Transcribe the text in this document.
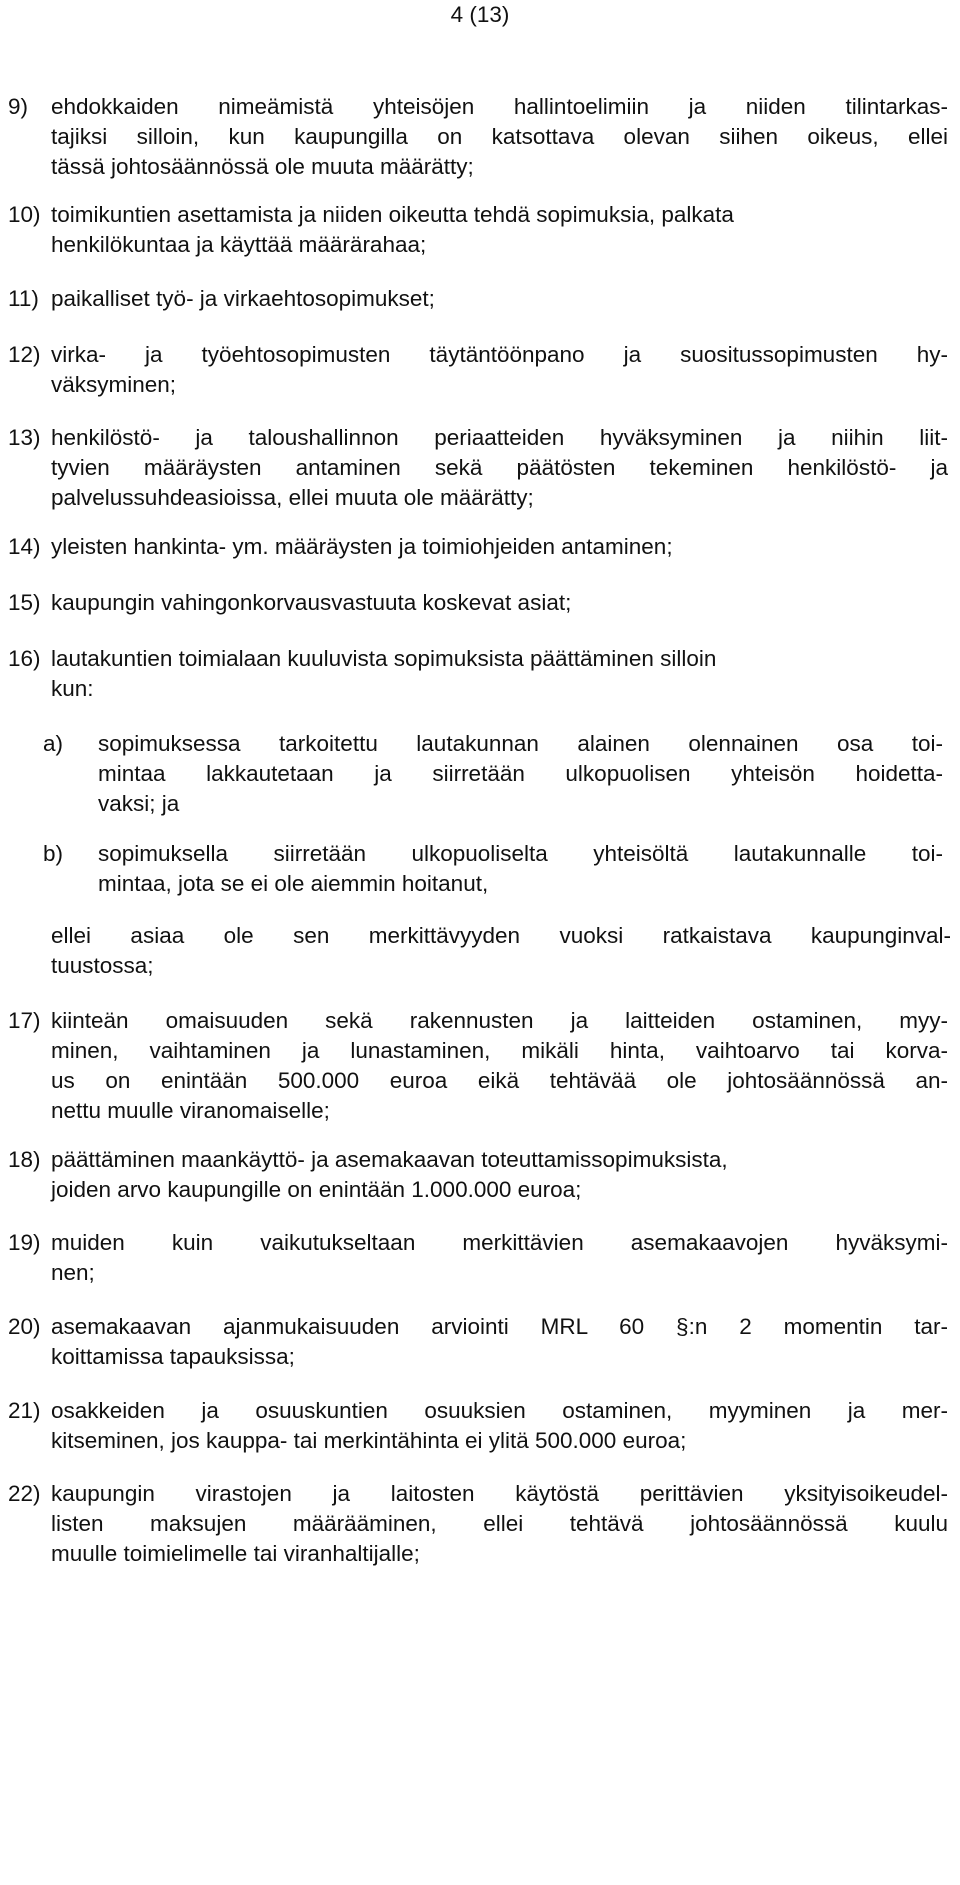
4 (13)
9) ehdokkaiden nimeämistä yhteisöjen hallintoelimiin ja niiden tilintarkas-
tajiksi silloin, kun kaupungilla on katsottava olevan siihen oikeus, ellei
tässä johtosäännössä ole muuta määrätty;
10) toimikuntien asettamista ja niiden oikeutta tehdä sopimuksia, palkata
henkilökuntaa ja käyttää määrärahaa;
11) paikalliset työ- ja virkaehtosopimukset;
12) virka- ja työehtosopimusten täytäntöönpano ja suositussopimusten hy-
väksyminen;
13) henkilöstö- ja taloushallinnon periaatteiden hyväksyminen ja niihin liit-
tyvien määräysten antaminen sekä päätösten tekeminen henkilöstö- ja
palvelussuhdeasioissa, ellei muuta ole määrätty;
14) yleisten hankinta- ym. määräysten ja toimiohjeiden antaminen;
15) kaupungin vahingonkorvausvastuuta koskevat asiat;
16) lautakuntien toimialaan kuuluvista sopimuksista päättäminen silloin
kun:
a) sopimuksessa tarkoitettu lautakunnan alainen olennainen osa toi-
mintaa lakkautetaan ja siirretään ulkopuolisen yhteisön hoidetta-
vaksi; ja
b) sopimuksella siirretään ulkopuoliselta yhteisöltä lautakunnalle toi-
mintaa, jota se ei ole aiemmin hoitanut,
ellei asiaa ole sen merkittävyyden vuoksi ratkaistava kaupunginval-
tuustossa;
17) kiinteän omaisuuden sekä rakennusten ja laitteiden ostaminen, myy-
minen, vaihtaminen ja lunastaminen, mikäli hinta, vaihtoarvo tai korva-
us on enintään 500.000 euroa eikä tehtävää ole johtosäännössä an-
nettu muulle viranomaiselle;
18) päättäminen maankäyttö- ja asemakaavan toteuttamissopimuksista,
joiden arvo kaupungille on enintään 1.000.000 euroa;
19) muiden kuin vaikutukseltaan merkittävien asemakaavojen hyväksymi-
nen;
20) asemakaavan ajanmukaisuuden arviointi MRL 60 §:n 2 momentin tar-
koittamissa tapauksissa;
21) osakkeiden ja osuuskuntien osuuksien ostaminen, myyminen ja mer-
kitseminen, jos kauppa- tai merkintähinta ei ylitä 500.000 euroa;
22) kaupungin virastojen ja laitosten käytöstä perittävien yksityisoikeudel-
listen maksujen määrääminen, ellei tehtävä johtosäännössä kuulu
muulle toimielimelle tai viranhaltijalle;
